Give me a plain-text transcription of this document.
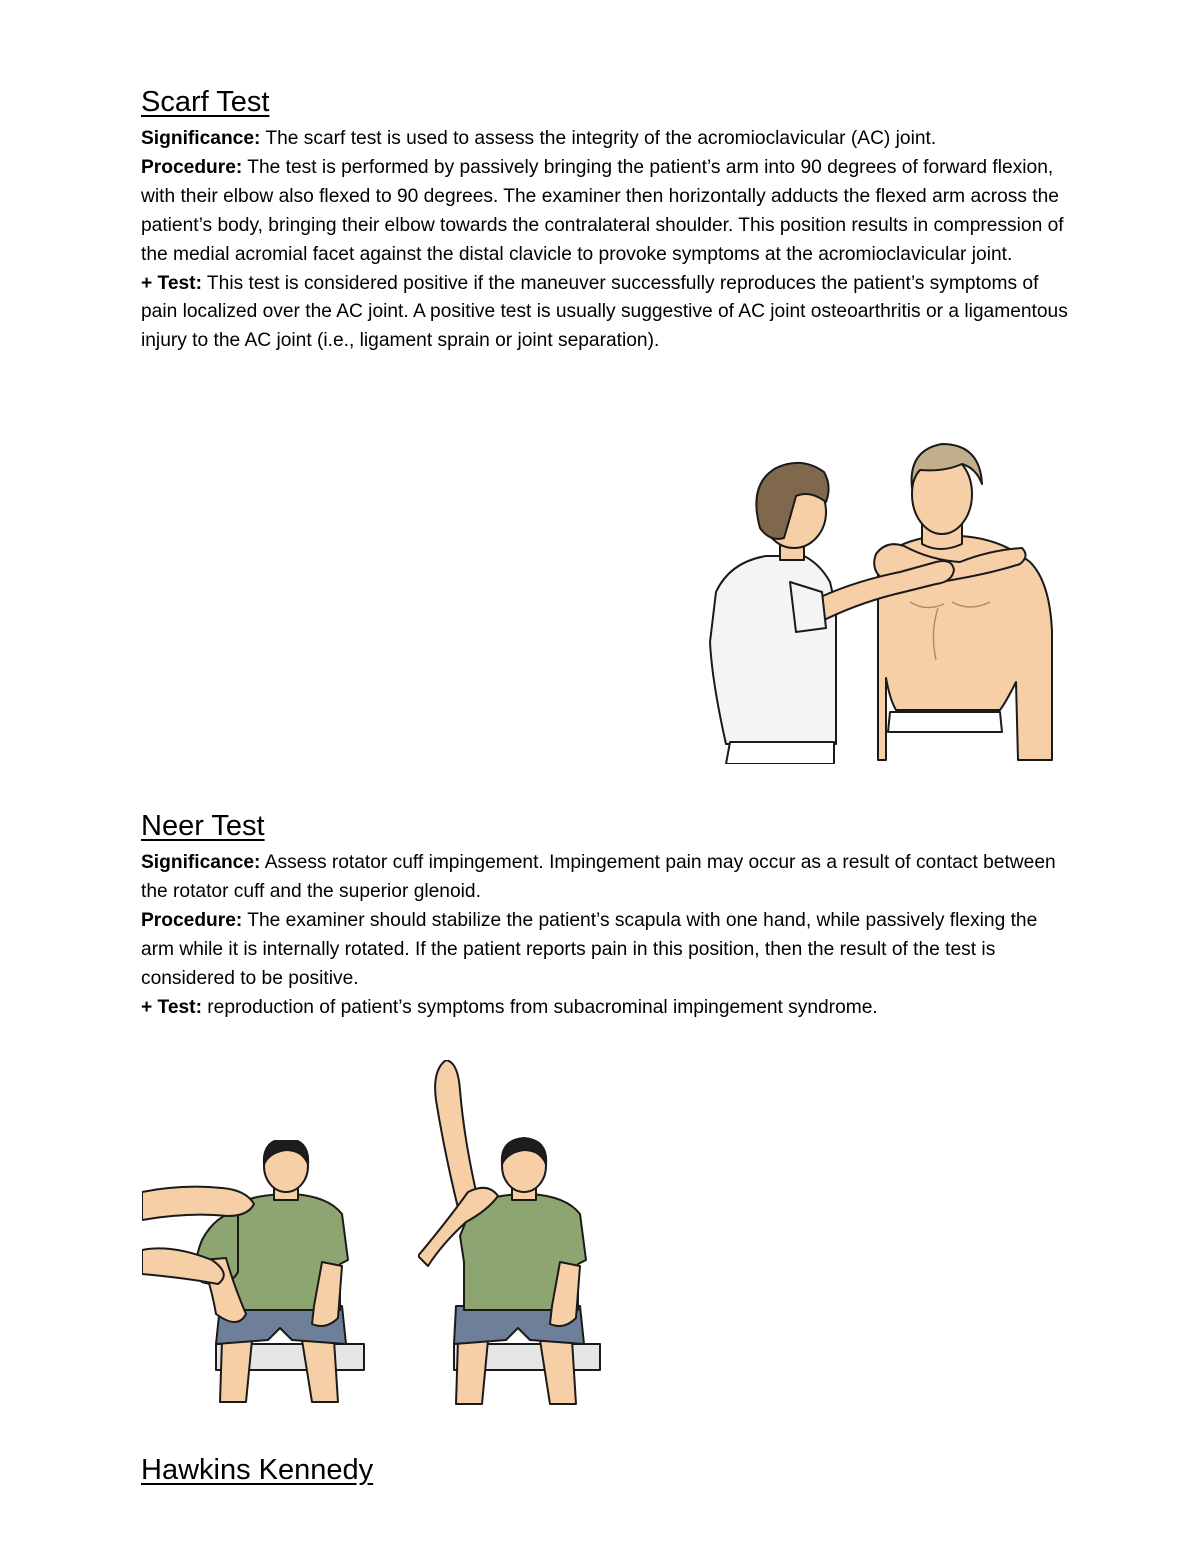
Scarf Test

Significance: The scarf test is used to assess the integrity of the acromioclavicular (AC) joint.

Procedure: The test is performed by passively bringing the patient’s arm into 90 degrees of forward flexion, with their elbow also flexed to 90 degrees. The examiner then horizontally adducts the flexed arm across the patient’s body, bringing their elbow towards the contralateral shoulder. This position results in compression of the medial acromial facet against the distal clavicle to provoke symptoms at the acromioclavicular joint.

+ Test: This test is considered positive if the maneuver successfully reproduces the patient’s symptoms of pain localized over the AC joint. A positive test is usually suggestive of AC joint osteoarthritis or a ligamentous injury to the AC joint (i.e., ligament sprain or joint separation).

Neer Test

Significance: Assess rotator cuff impingement. Impingement pain may occur as a result of contact between the rotator cuff and the superior glenoid.

Procedure: The examiner should stabilize the patient’s scapula with one hand, while passively flexing the arm while it is internally rotated. If the patient reports pain in this position, then the result of the test is considered to be positive.

+ Test: reproduction of patient’s symptoms from subacrominal impingement syndrome.

Hawkins Kennedy
